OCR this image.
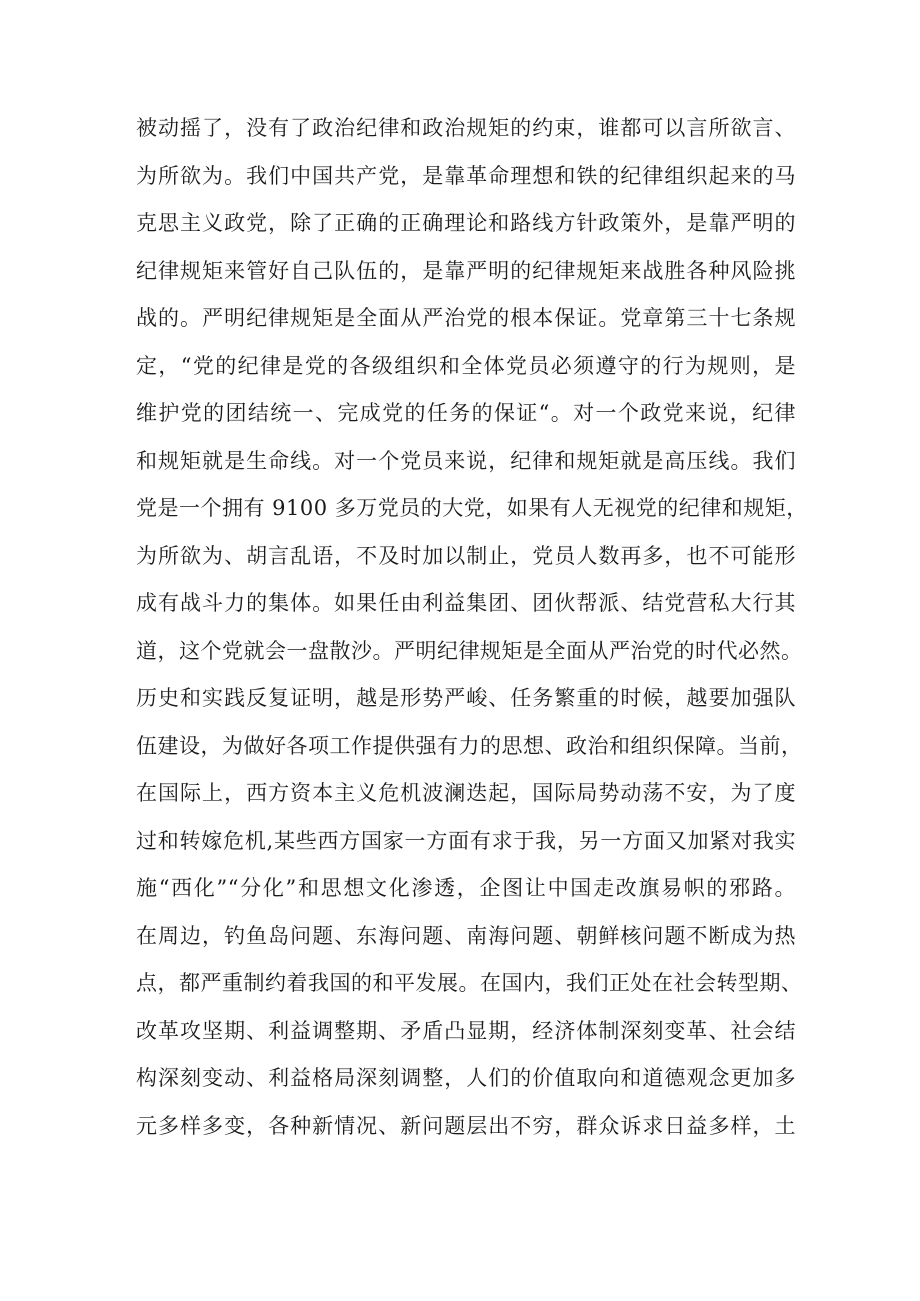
被动摇了，没有了政治纪律和政治规矩的约束，谁都可以言所欲言、
为所欲为。我们中国共产党，是靠革命理想和铁的纪律组织起来的马
克思主义政党，除了正确的正确理论和路线方针政策外，是靠严明的
纪律规矩来管好自己队伍的，是靠严明的纪律规矩来战胜各种风险挑
战的。严明纪律规矩是全面从严治党的根本保证。党章第三十七条规
定，“党的纪律是党的各级组织和全体党员必须遵守的行为规则，是
维护党的团结统一、完成党的任务的保证“。对一个政党来说，纪律
和规矩就是生命线。对一个党员来说，纪律和规矩就是高压线。我们
党是一个拥有 9100 多万党员的大党，如果有人无视党的纪律和规矩，
为所欲为、胡言乱语，不及时加以制止，党员人数再多，也不可能形
成有战斗力的集体。如果任由利益集团、团伙帮派、结党营私大行其
道，这个党就会一盘散沙。严明纪律规矩是全面从严治党的时代必然。
历史和实践反复证明，越是形势严峻、任务繁重的时候，越要加强队
伍建设，为做好各项工作提供强有力的思想、政治和组织保障。当前，
在国际上，西方资本主义危机波澜迭起，国际局势动荡不安，为了度
过和转嫁危机,某些西方国家一方面有求于我，另一方面又加紧对我实
施“西化”“分化”和思想文化渗透，企图让中国走改旗易帜的邪路。
在周边，钓鱼岛问题、东海问题、南海问题、朝鲜核问题不断成为热
点，都严重制约着我国的和平发展。在国内，我们正处在社会转型期、
改革攻坚期、利益调整期、矛盾凸显期，经济体制深刻变革、社会结
构深刻变动、利益格局深刻调整，人们的价值取向和道德观念更加多
元多样多变，各种新情况、新问题层出不穷，群众诉求日益多样，土
